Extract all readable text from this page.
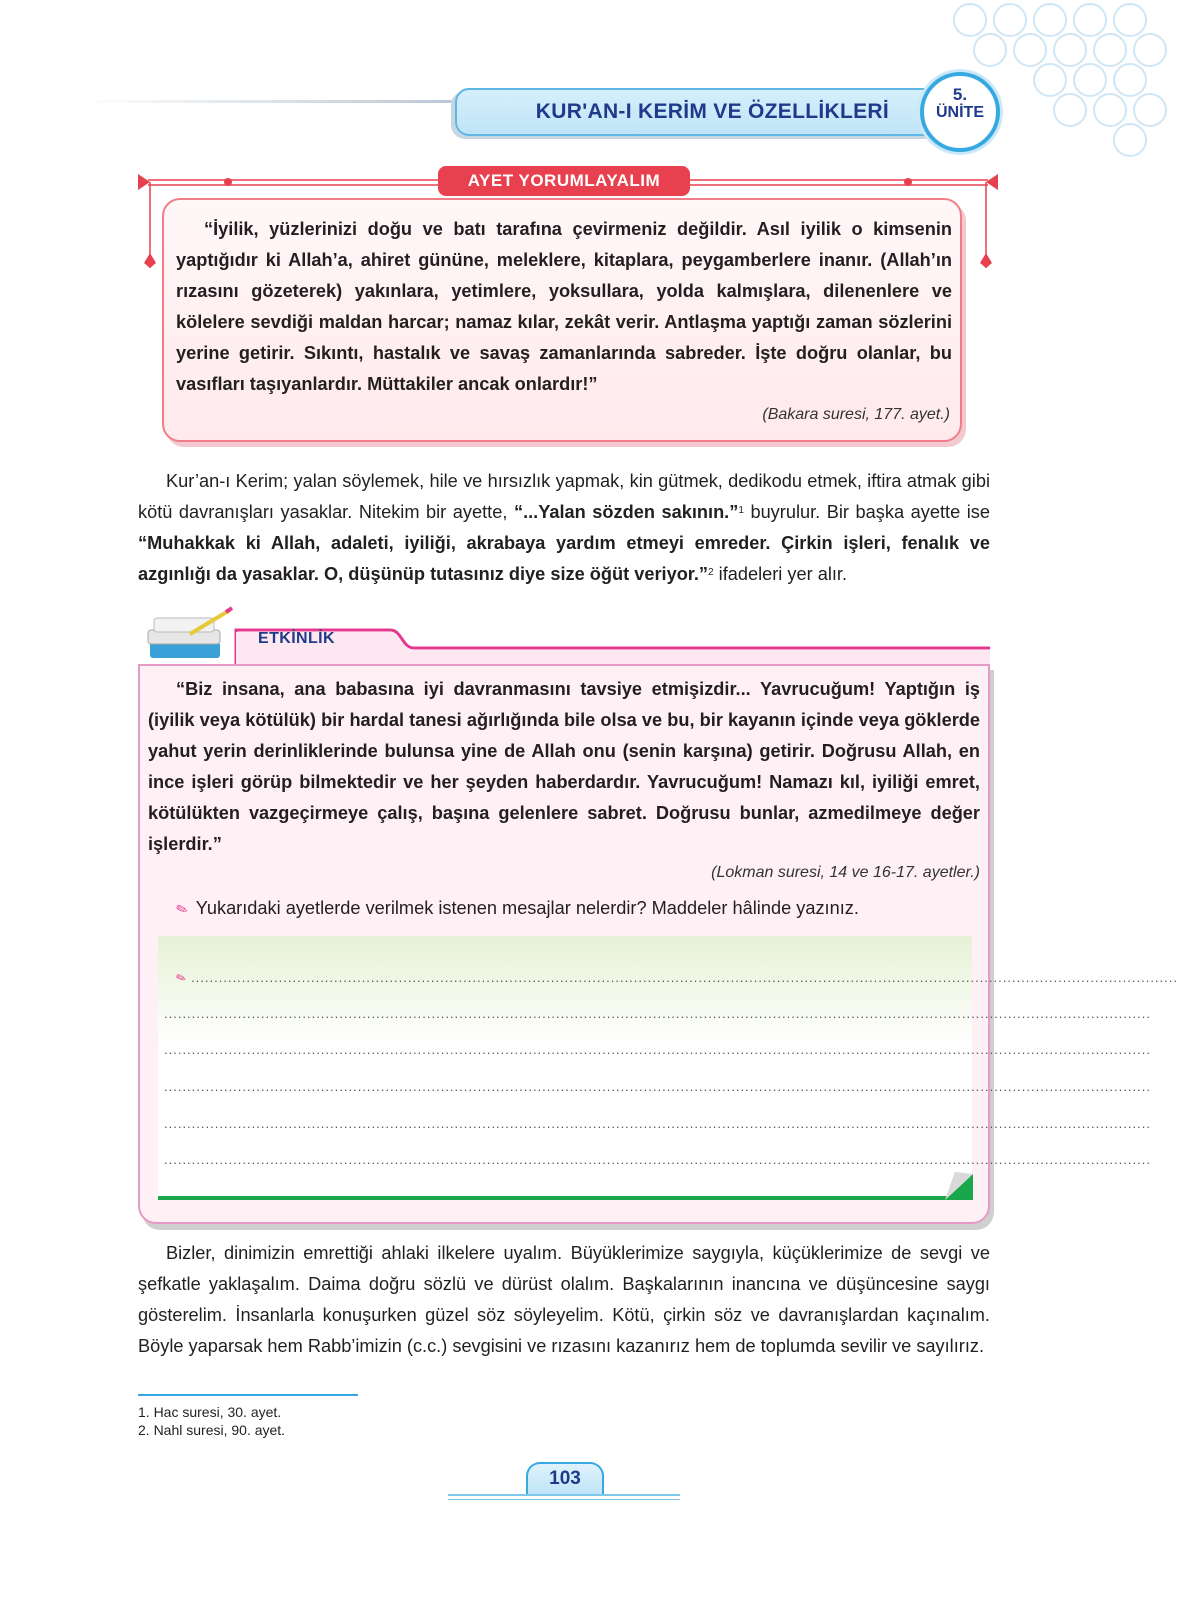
KUR'AN-I KERİM VE ÖZELLİKLERİ
5.
ÜNİTE
AYET YORUMLAYALIM
“İyilik, yüzlerinizi doğu ve batı tarafına çevirmeniz değildir. Asıl iyilik o kimsenin yaptığıdır ki Allah’a, ahiret gününe, meleklere, kitaplara, peygamberlere inanır. (Allah’ın rızasını gözeterek) yakınlara, yetimlere, yoksullara, yolda kalmışlara, dilenenlere ve kölelere sevdiği maldan harcar; namaz kılar, zekât verir. Antlaşma yaptığı zaman sözlerini yerine getirir. Sıkıntı, hastalık ve savaş zamanlarında sabreder. İşte doğru olanlar, bu vasıfları taşıyanlardır. Müttakiler ancak onlardır!”
(Bakara suresi, 177. ayet.)
Kur’an-ı Kerim; yalan söylemek, hile ve hırsızlık yapmak, kin gütmek, dedikodu etmek, iftira atmak gibi kötü davranışları yasaklar. Nitekim bir ayette, “...Yalan sözden sakının.”$^1$ buyrulur. Bir başka ayette ise “Muhakkak ki Allah, adaleti, iyiliği, akrabaya yardım etmeyi emreder. Çirkin işleri, fenalık ve azgınlığı da yasaklar. O, düşünüp tutasınız diye size öğüt veriyor.”$^2$ ifadeleri yer alır.
ETKİNLİK
“Biz insana, ana babasına iyi davranmasını tavsiye etmişizdir... Yavrucuğum! Yaptığın iş (iyilik veya kötülük) bir hardal tanesi ağırlığında bile olsa ve bu, bir kayanın içinde veya göklerde yahut yerin derinliklerinde bulunsa yine de Allah onu (senin karşına) getirir. Doğrusu Allah, en ince işleri görüp bilmektedir ve her şeyden haberdardır. Yavrucuğum! Namazı kıl, iyiliği emret, kötülükten vazgeçirmeye çalış, başına gelenlere sabret. Doğrusu bunlar, azmedilmeye değer işlerdir.”
(Lokman suresi, 14 ve 16-17. ayetler.)
✎ Yukarıdaki ayetlerde verilmek istenen mesajlar nelerdir? Maddeler hâlinde yazınız.
✎ ......................................................................................................................................................................................................................
......................................................................................................................................................................................................................
......................................................................................................................................................................................................................
......................................................................................................................................................................................................................
......................................................................................................................................................................................................................
......................................................................................................................................................................................................................
Bizler, dinimizin emrettiği ahlaki ilkelere uyalım. Büyüklerimize saygıyla, küçüklerimize de sevgi ve şefkatle yaklaşalım. Daima doğru sözlü ve dürüst olalım. Başkalarının inancına ve düşüncesine saygı gösterelim. İnsanlarla konuşurken güzel söz söyleyelim. Kötü, çirkin söz ve davranışlardan kaçınalım. Böyle yaparsak hem Rabb’imizin (c.c.) sevgisini ve rızasını kazanırız hem de toplumda sevilir ve sayılırız.
1. Hac suresi, 30. ayet.
2. Nahl suresi, 90. ayet.
103
